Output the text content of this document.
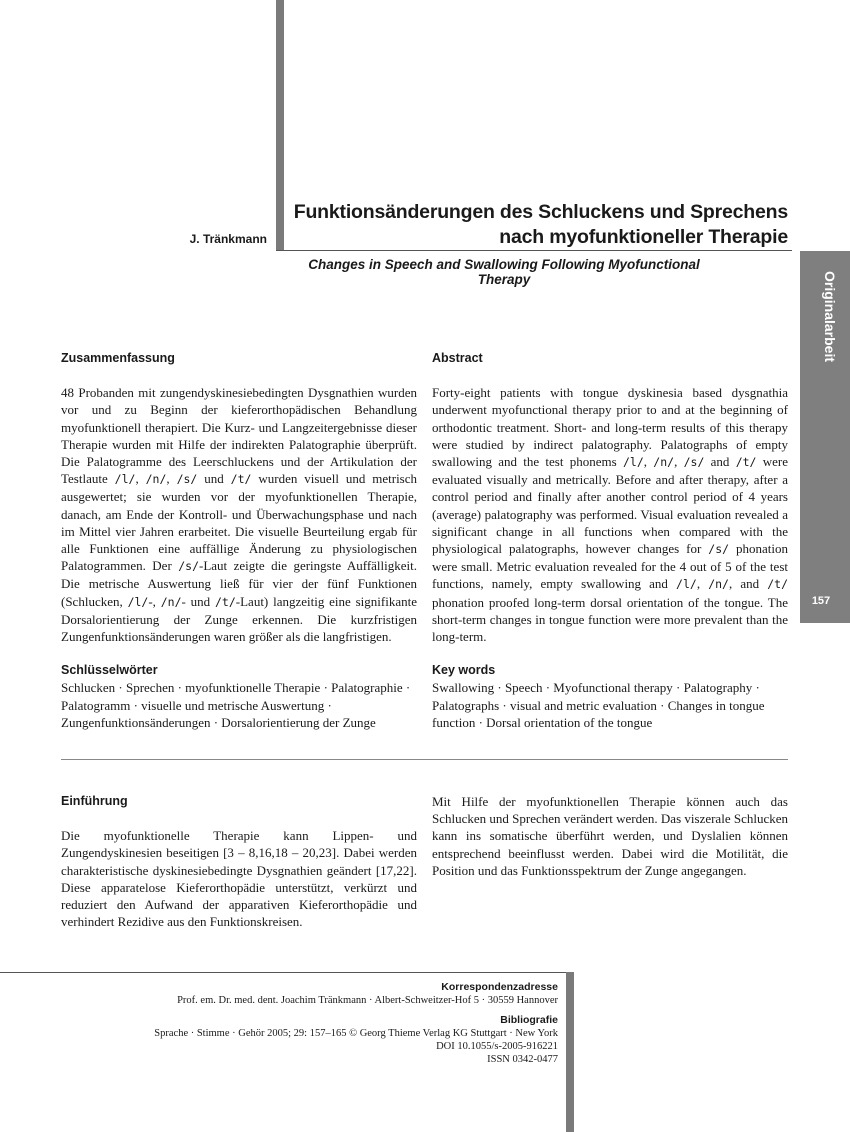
J. Tränkmann
Funktionsänderungen des Schluckens und Sprechens
nach myofunktioneller Therapie
Changes in Speech and Swallowing Following Myofunctional Therapy	Originalarbeit
157

Zusammenfassung

48 Probanden mit zungendyskinesiebedingten Dysgnathien wurden vor und zu Beginn der kieferorthopädischen Behandlung myofunktionell therapiert. Die Kurz- und Langzeitergebnisse dieser Therapie wurden mit Hilfe der indirekten Palatographie überprüft. Die Palatogramme des Leerschluckens und der Artikulation der Testlaute /l/, /n/, /s/ und /t/ wurden visuell und metrisch ausgewertet; sie wurden vor der myofunktionellen Therapie, danach, am Ende der Kontroll- und Überwachungsphase und nach im Mittel vier Jahren erarbeitet. Die visuelle Beurteilung ergab für alle Funktionen eine auffällige Änderung zu physiologischen Palatogrammen. Der /s/-Laut zeigte die geringste Auffälligkeit. Die metrische Auswertung ließ für vier der fünf Funktionen (Schlucken, /l/-, /n/- und /t/-Laut) langzeitig eine signifikante Dorsalorientierung der Zunge erkennen. Die kurzfristigen Zungenfunktionsänderungen waren größer als die langfristigen.

Schlüsselwörter

Schlucken · Sprechen · myofunktionelle Therapie · Palatographie · Palatogramm · visuelle und metrische Auswertung · Zungenfunktionsänderungen · Dorsalorientierung der Zunge

Abstract

Forty-eight patients with tongue dyskinesia based dysgnathia underwent myofunctional therapy prior to and at the beginning of orthodontic treatment. Short- and long-term results of this therapy were studied by indirect palatography. Palatographs of empty swallowing and the test phonems /l/, /n/, /s/ and /t/ were evaluated visually and metrically. Before and after therapy, after a control period and finally after another control period of 4 years (average) palatography was performed. Visual evaluation revealed a significant change in all functions when compared with the physiological palatographs, however changes for /s/ phonation were small. Metric evaluation revealed for the 4 out of 5 of the test functions, namely, empty swallowing and /l/, /n/, and /t/ phonation proofed long-term dorsal orientation of the tongue. The short-term changes in tongue function were more prevalent than the long-term.

Key words

Swallowing · Speech · Myofunctional therapy · Palatography · Palatographs · visual and metric evaluation · Changes in tongue function · Dorsal orientation of the tongue

Einführung

Die myofunktionelle Therapie kann Lippen- und Zungendyskinesien beseitigen [3 – 8,16,18 – 20,23]. Dabei werden charakteristische dyskinesiebedingte Dysgnathien geändert [17,22]. Diese apparatelose Kieferorthopädie unterstützt, verkürzt und reduziert den Aufwand der apparativen Kieferorthopädie und verhindert Rezidive aus den Funktionskreisen.

Mit Hilfe der myofunktionellen Therapie können auch das Schlucken und Sprechen verändert werden. Das viszerale Schlucken kann ins somatische überführt werden, und Dyslalien können entsprechend beeinflusst werden. Dabei wird die Motilität, die Position und das Funktionsspektrum der Zunge angegangen.

Korrespondenzadresse
Prof. em. Dr. med. dent. Joachim Tränkmann · Albert-Schweitzer-Hof 5 · 30559 Hannover
Bibliografie
Sprache · Stimme · Gehör 2005; 29: 157–165 © Georg Thieme Verlag KG Stuttgart · New York
DOI 10.1055/s-2005-916221
ISSN 0342-0477
